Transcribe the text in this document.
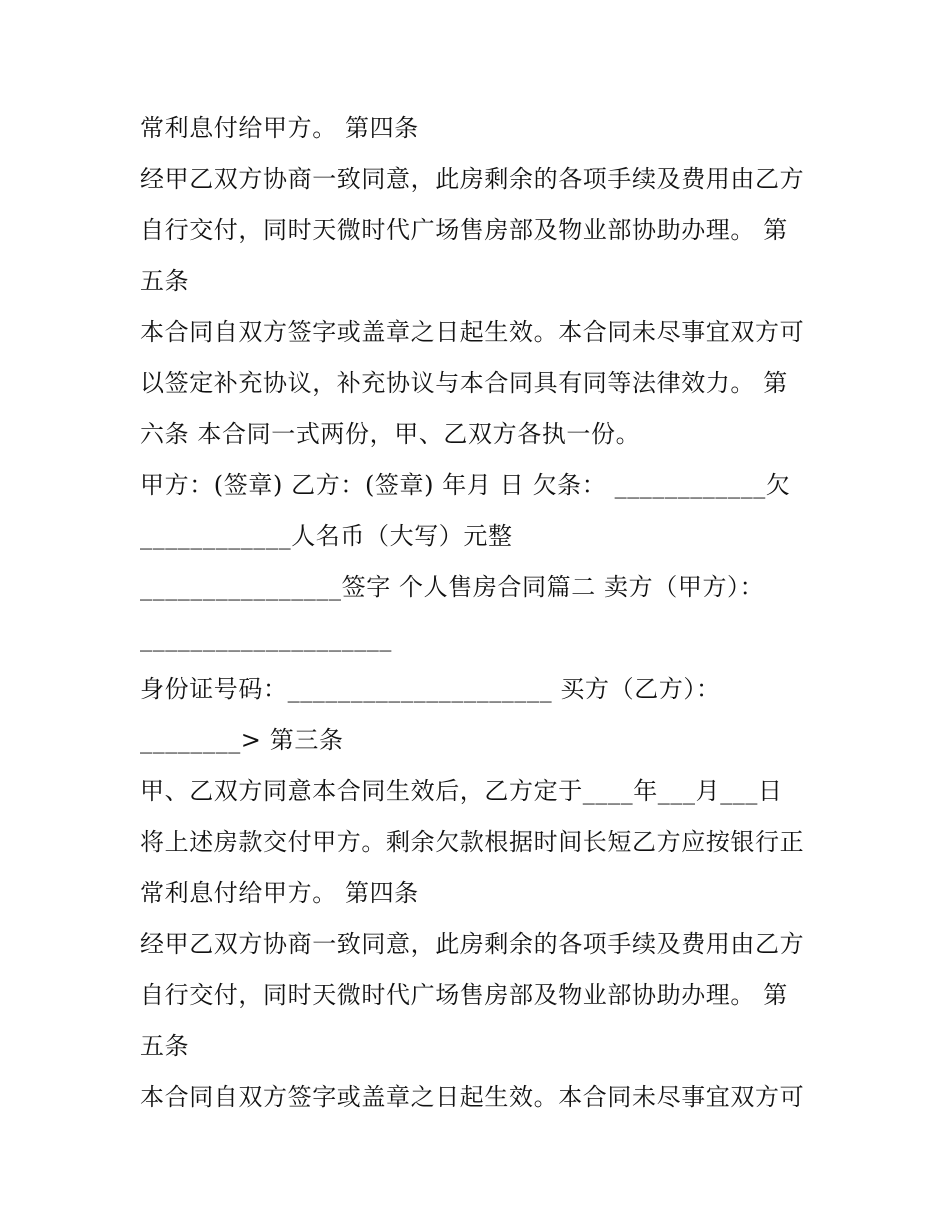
常利息付给甲方。 第四条
经甲乙双方协商一致同意，此房剩余的各项手续及费用由乙方
自行交付，同时天微时代广场售房部及物业部协助办理。 第
五条
本合同自双方签字或盖章之日起生效。本合同未尽事宜双方可
以签定补充协议，补充协议与本合同具有同等法律效力。 第
六条 本合同一式两份，甲、乙双方各执一份。
甲方：(签章) 乙方：(签章) 年月 日 欠条： ____________欠
____________人名币（大写）元整
________________签字 个人售房合同篇二 卖方（甲方）：
____________________
身份证号码：_____________________ 买方（乙方）：
________> 第三条
甲、乙双方同意本合同生效后，乙方定于____年___月___日
将上述房款交付甲方。剩余欠款根据时间长短乙方应按银行正
常利息付给甲方。 第四条
经甲乙双方协商一致同意，此房剩余的各项手续及费用由乙方
自行交付，同时天微时代广场售房部及物业部协助办理。 第
五条
本合同自双方签字或盖章之日起生效。本合同未尽事宜双方可
